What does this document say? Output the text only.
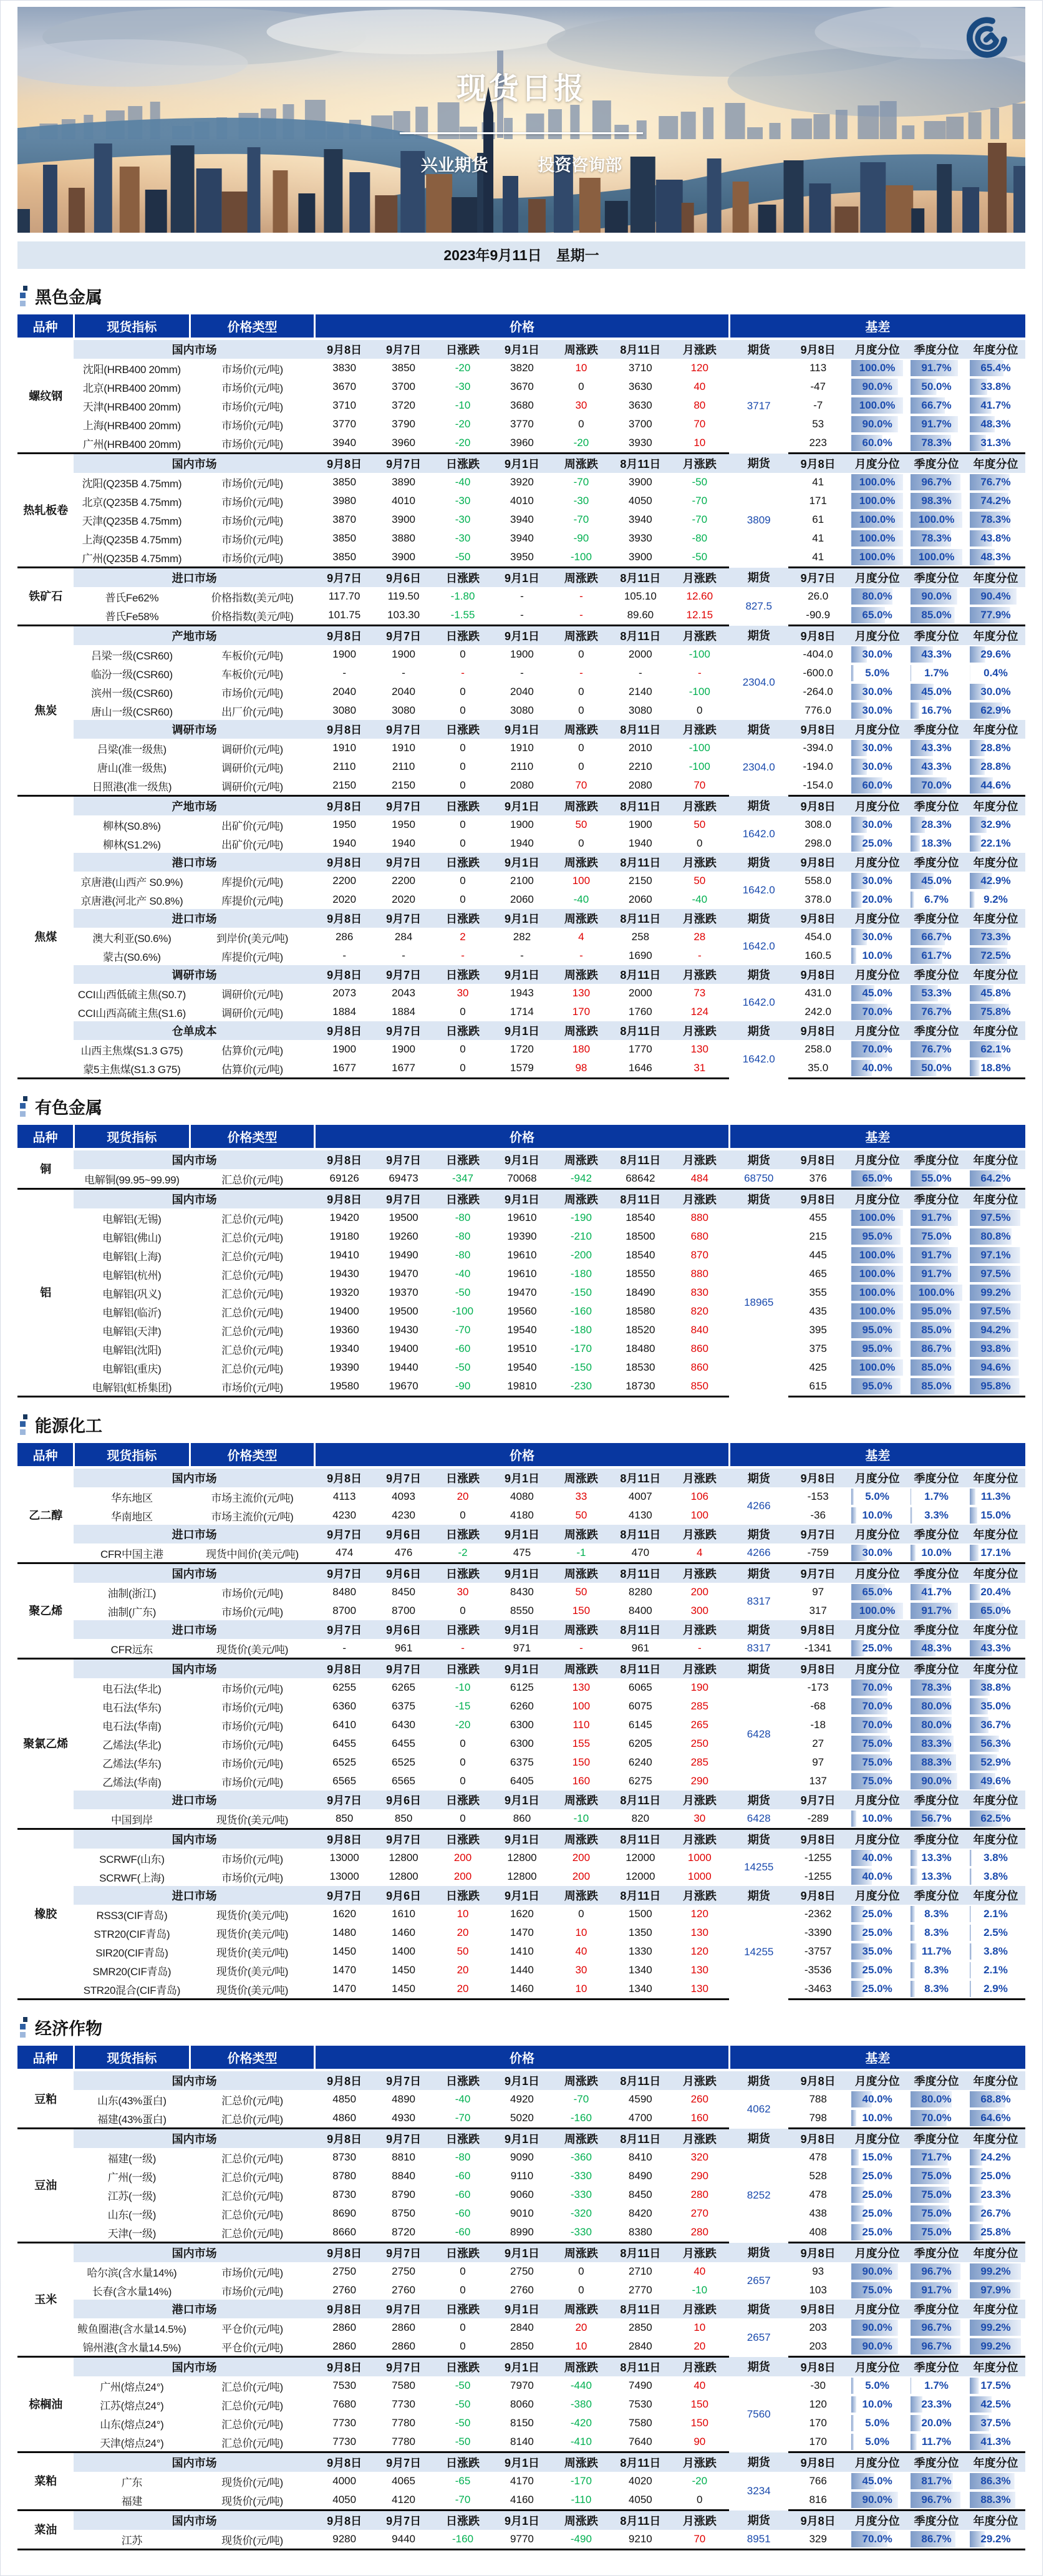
现货日报
兴业期货	投资咨询部
2023年9月11日　星期一
黑色金属
品种	现货指标	价格类型	价格							基差				
螺纹钢	国内市场		9月8日	9月7日	日涨跌	9月1日	周涨跌	8月11日	月涨跌	期货	9月8日	月度分位	季度分位	年度分位
	沈阳(HRB400 20mm)	市场价(元/吨)	3830	3850	-20	3820	10	3710	120	3717	113	100.0%	91.7%	65.4%

	北京(HRB400 20mm)	市场价(元/吨)	3670	3700	-30	3670	0	3630	40		-47	90.0%	50.0%	33.8%

	天津(HRB400 20mm)	市场价(元/吨)	3710	3720	-10	3680	30	3630	80		-7	100.0%	66.7%	41.7%

	上海(HRB400 20mm)	市场价(元/吨)	3770	3790	-20	3770	0	3700	70		53	90.0%	91.7%	48.3%

	广州(HRB400 20mm)	市场价(元/吨)	3940	3960	-20	3960	-20	3930	10		223	60.0%	78.3%	31.3%

热轧板卷	国内市场		9月8日	9月7日	日涨跌	9月1日	周涨跌	8月11日	月涨跌	期货	9月8日	月度分位	季度分位	年度分位
	沈阳(Q235B 4.75mm)	市场价(元/吨)	3850	3890	-40	3920	-70	3900	-50	3809	41	100.0%	96.7%	76.7%

	北京(Q235B 4.75mm)	市场价(元/吨)	3980	4010	-30	4010	-30	4050	-70		171	100.0%	98.3%	74.2%

	天津(Q235B 4.75mm)	市场价(元/吨)	3870	3900	-30	3940	-70	3940	-70		61	100.0%	100.0%	78.3%

	上海(Q235B 4.75mm)	市场价(元/吨)	3850	3880	-30	3940	-90	3930	-80		41	100.0%	78.3%	43.8%

	广州(Q235B 4.75mm)	市场价(元/吨)	3850	3900	-50	3950	-100	3900	-50		41	100.0%	100.0%	48.3%

铁矿石	进口市场		9月7日	9月6日	日涨跌	9月1日	周涨跌	8月11日	月涨跌	期货	9月7日	月度分位	季度分位	年度分位
	普氏Fe62%	价格指数(美元/吨)	117.70	119.50	-1.80	-	-	105.10	12.60	827.5	26.0	80.0%	90.0%	90.4%

	普氏Fe58%	价格指数(美元/吨)	101.75	103.30	-1.55	-	-	89.60	12.15		-90.9	65.0%	85.0%	77.9%

焦炭	产地市场		9月8日	9月7日	日涨跌	9月1日	周涨跌	8月11日	月涨跌	期货	9月8日	月度分位	季度分位	年度分位
	吕梁一级(CSR60)	车板价(元/吨)	1900	1900	0	1900	0	2000	-100	2304.0	-404.0	30.0%	43.3%	29.6%

	临汾一级(CSR60)	车板价(元/吨)	-	-	-	-	-	-	-		-600.0	5.0%	1.7%	0.4%

	滨州一级(CSR60)	市场价(元/吨)	2040	2040	0	2040	0	2140	-100		-264.0	30.0%	45.0%	30.0%

	唐山一级(CSR60)	出厂价(元/吨)	3080	3080	0	3080	0	3080	0		776.0	30.0%	16.7%	62.9%

	调研市场		9月8日	9月7日	日涨跌	9月1日	周涨跌	8月11日	月涨跌	期货	9月8日	月度分位	季度分位	年度分位
	吕梁(准一级焦)	调研价(元/吨)	1910	1910	0	1910	0	2010	-100	2304.0	-394.0	30.0%	43.3%	28.8%

	唐山(准一级焦)	调研价(元/吨)	2110	2110	0	2110	0	2210	-100		-194.0	30.0%	43.3%	28.8%

	日照港(准一级焦)	调研价(元/吨)	2150	2150	0	2080	70	2080	70		-154.0	60.0%	70.0%	44.6%

焦煤	产地市场		9月8日	9月7日	日涨跌	9月1日	周涨跌	8月11日	月涨跌	期货	9月8日	月度分位	季度分位	年度分位
	柳林(S0.8%)	出矿价(元/吨)	1950	1950	0	1900	50	1900	50	1642.0	308.0	30.0%	28.3%	32.9%

	柳林(S1.2%)	出矿价(元/吨)	1940	1940	0	1940	0	1940	0		298.0	25.0%	18.3%	22.1%

	港口市场		9月8日	9月7日	日涨跌	9月1日	周涨跌	8月11日	月涨跌	期货	9月8日	月度分位	季度分位	年度分位
	京唐港(山西产 S0.9%)	库提价(元/吨)	2200	2200	0	2100	100	2150	50	1642.0	558.0	30.0%	45.0%	42.9%

	京唐港(河北产 S0.8%)	库提价(元/吨)	2020	2020	0	2060	-40	2060	-40		378.0	20.0%	6.7%	9.2%

	进口市场		9月8日	9月7日	日涨跌	9月1日	周涨跌	8月11日	月涨跌	期货	9月8日	月度分位	季度分位	年度分位
	澳大利亚(S0.6%)	到岸价(美元/吨)	286	284	2	282	4	258	28	1642.0	454.0	30.0%	66.7%	73.3%

	蒙古(S0.6%)	库提价(元/吨)	-	-	-	-	-	1690	-		160.5	10.0%	61.7%	72.5%

	调研市场		9月8日	9月7日	日涨跌	9月1日	周涨跌	8月11日	月涨跌	期货	9月8日	月度分位	季度分位	年度分位
	CCI山西低硫主焦(S0.7)	调研价(元/吨)	2073	2043	30	1943	130	2000	73	1642.0	431.0	45.0%	53.3%	45.8%

	CCI山西高硫主焦(S1.6)	调研价(元/吨)	1884	1884	0	1714	170	1760	124		242.0	70.0%	76.7%	75.8%

	仓单成本		9月8日	9月7日	日涨跌	9月1日	周涨跌	8月11日	月涨跌	期货	9月8日	月度分位	季度分位	年度分位
	山西主焦煤(S1.3 G75)	估算价(元/吨)	1900	1900	0	1720	180	1770	130	1642.0	258.0	70.0%	76.7%	62.1%

	蒙5主焦煤(S1.3 G75)	估算价(元/吨)	1677	1677	0	1579	98	1646	31		35.0	40.0%	50.0%	18.8%
有色金属
品种	现货指标	价格类型	价格							基差				
铜	国内市场		9月8日	9月7日	日涨跌	9月1日	周涨跌	8月11日	月涨跌	期货	9月8日	月度分位	季度分位	年度分位
	电解铜(99.95~99.99)	汇总价(元/吨)	69126	69473	-347	70068	-942	68642	484	68750	376	65.0%	55.0%	64.2%

铝	国内市场		9月8日	9月7日	日涨跌	9月1日	周涨跌	8月11日	月涨跌	期货	9月8日	月度分位	季度分位	年度分位
	电解铝(无锡)	汇总价(元/吨)	19420	19500	-80	19610	-190	18540	880	18965	455	100.0%	91.7%	97.5%

	电解铝(佛山)	汇总价(元/吨)	19180	19260	-80	19390	-210	18500	680		215	95.0%	75.0%	80.8%

	电解铝(上海)	汇总价(元/吨)	19410	19490	-80	19610	-200	18540	870		445	100.0%	91.7%	97.1%

	电解铝(杭州)	汇总价(元/吨)	19430	19470	-40	19610	-180	18550	880		465	100.0%	91.7%	97.5%

	电解铝(巩义)	汇总价(元/吨)	19320	19370	-50	19470	-150	18490	830		355	100.0%	100.0%	99.2%

	电解铝(临沂)	汇总价(元/吨)	19400	19500	-100	19560	-160	18580	820		435	100.0%	95.0%	97.5%

	电解铝(天津)	汇总价(元/吨)	19360	19430	-70	19540	-180	18520	840		395	95.0%	85.0%	94.2%

	电解铝(沈阳)	汇总价(元/吨)	19340	19400	-60	19510	-170	18480	860		375	95.0%	86.7%	93.8%

	电解铝(重庆)	汇总价(元/吨)	19390	19440	-50	19540	-150	18530	860		425	100.0%	85.0%	94.6%

	电解铝(虹桥集团)	市场价(元/吨)	19580	19670	-90	19810	-230	18730	850		615	95.0%	85.0%	95.8%
能源化工
品种	现货指标	价格类型	价格							基差				
乙二醇	国内市场		9月8日	9月7日	日涨跌	9月1日	周涨跌	8月11日	月涨跌	期货	9月8日	月度分位	季度分位	年度分位
	华东地区	市场主流价(元/吨)	4113	4093	20	4080	33	4007	106	4266	-153	5.0%	1.7%	11.3%

	华南地区	市场主流价(元/吨)	4230	4230	0	4180	50	4130	100		-36	10.0%	3.3%	15.0%

	进口市场		9月7日	9月6日	日涨跌	9月1日	周涨跌	8月11日	月涨跌	期货	9月7日	月度分位	季度分位	年度分位
	CFR中国主港	现货中间价(美元/吨)	474	476	-2	475	-1	470	4	4266	-759	30.0%	10.0%	17.1%

聚乙烯	国内市场		9月7日	9月6日	日涨跌	9月1日	周涨跌	8月11日	月涨跌	期货	9月7日	月度分位	季度分位	年度分位
	油制(浙江)	市场价(元/吨)	8480	8450	30	8430	50	8280	200	8317	97	65.0%	41.7%	20.4%

	油制(广东)	市场价(元/吨)	8700	8700	0	8550	150	8400	300		317	100.0%	91.7%	65.0%

	进口市场		9月7日	9月6日	日涨跌	9月1日	周涨跌	8月11日	月涨跌	期货	9月8日	月度分位	季度分位	年度分位
	CFR远东	现货价(美元/吨)	-	961	-	971	-	961	-	8317	-1341	25.0%	48.3%	43.3%

聚氯乙烯	国内市场		9月8日	9月7日	日涨跌	9月1日	周涨跌	8月11日	月涨跌	期货	9月8日	月度分位	季度分位	年度分位
	电石法(华北)	市场价(元/吨)	6255	6265	-10	6125	130	6065	190	6428	-173	70.0%	78.3%	38.8%

	电石法(华东)	市场价(元/吨)	6360	6375	-15	6260	100	6075	285		-68	70.0%	80.0%	35.0%

	电石法(华南)	市场价(元/吨)	6410	6430	-20	6300	110	6145	265		-18	70.0%	80.0%	36.7%

	乙烯法(华北)	市场价(元/吨)	6455	6455	0	6300	155	6205	250		27	75.0%	83.3%	56.3%

	乙烯法(华东)	市场价(元/吨)	6525	6525	0	6375	150	6240	285		97	75.0%	88.3%	52.9%

	乙烯法(华南)	市场价(元/吨)	6565	6565	0	6405	160	6275	290		137	75.0%	90.0%	49.6%

	进口市场		9月7日	9月6日	日涨跌	9月1日	周涨跌	8月11日	月涨跌	期货	9月7日	月度分位	季度分位	年度分位
	中国到岸	现货价(美元/吨)	850	850	0	860	-10	820	30	6428	-289	10.0%	56.7%	62.5%

橡胶	国内市场		9月8日	9月7日	日涨跌	9月1日	周涨跌	8月11日	月涨跌	期货	9月8日	月度分位	季度分位	年度分位
	SCRWF(山东)	市场价(元/吨)	13000	12800	200	12800	200	12000	1000	14255	-1255	40.0%	13.3%	3.8%

	SCRWF(上海)	市场价(元/吨)	13000	12800	200	12800	200	12000	1000		-1255	40.0%	13.3%	3.8%

	进口市场		9月7日	9月6日	日涨跌	9月1日	周涨跌	8月11日	月涨跌	期货	9月8日	月度分位	季度分位	年度分位
	RSS3(CIF青岛)	现货价(美元/吨)	1620	1610	10	1620	0	1500	120	14255	-2362	25.0%	8.3%	2.1%

	STR20(CIF青岛)	现货价(美元/吨)	1480	1460	20	1470	10	1350	130		-3390	25.0%	8.3%	2.5%

	SIR20(CIF青岛)	现货价(美元/吨)	1450	1400	50	1410	40	1330	120		-3757	35.0%	11.7%	3.8%

	SMR20(CIF青岛)	现货价(美元/吨)	1470	1450	20	1440	30	1340	130		-3536	25.0%	8.3%	2.1%

	STR20混合(CIF青岛)	现货价(美元/吨)	1470	1450	20	1460	10	1340	130		-3463	25.0%	8.3%	2.9%
经济作物
品种	现货指标	价格类型	价格							基差				
豆粕	国内市场		9月8日	9月7日	日涨跌	9月1日	周涨跌	8月11日	月涨跌	期货	9月8日	月度分位	季度分位	年度分位
	山东(43%蛋白)	汇总价(元/吨)	4850	4890	-40	4920	-70	4590	260	4062	788	40.0%	80.0%	68.8%

	福建(43%蛋白)	汇总价(元/吨)	4860	4930	-70	5020	-160	4700	160		798	10.0%	70.0%	64.6%

豆油	国内市场		9月8日	9月7日	日涨跌	9月1日	周涨跌	8月11日	月涨跌	期货	9月8日	月度分位	季度分位	年度分位
	福建(一级)	汇总价(元/吨)	8730	8810	-80	9090	-360	8410	320	8252	478	15.0%	71.7%	24.2%

	广州(一级)	汇总价(元/吨)	8780	8840	-60	9110	-330	8490	290		528	25.0%	75.0%	25.0%

	江苏(一级)	汇总价(元/吨)	8730	8790	-60	9060	-330	8450	280		478	25.0%	75.0%	23.3%

	山东(一级)	汇总价(元/吨)	8690	8750	-60	9010	-320	8420	270		438	25.0%	75.0%	26.7%

	天津(一级)	汇总价(元/吨)	8660	8720	-60	8990	-330	8380	280		408	25.0%	75.0%	25.8%

玉米	国内市场		9月8日	9月7日	日涨跌	9月1日	周涨跌	8月11日	月涨跌	期货	9月8日	月度分位	季度分位	年度分位
	哈尔滨(含水量14%)	市场价(元/吨)	2750	2750	0	2750	0	2710	40	2657	93	90.0%	96.7%	99.2%

	长春(含水量14%)	市场价(元/吨)	2760	2760	0	2760	0	2770	-10		103	75.0%	91.7%	97.9%

	港口市场		9月8日	9月7日	日涨跌	9月1日	周涨跌	8月11日	月涨跌	期货	9月8日	月度分位	季度分位	年度分位
	鲅鱼圈港(含水量14.5%)	平仓价(元/吨)	2860	2860	0	2840	20	2850	10	2657	203	90.0%	96.7%	99.2%

	锦州港(含水量14.5%)	平仓价(元/吨)	2860	2860	0	2850	10	2840	20		203	90.0%	96.7%	99.2%

棕榈油	国内市场		9月8日	9月7日	日涨跌	9月1日	周涨跌	8月11日	月涨跌	期货	9月8日	月度分位	季度分位	年度分位
	广州(熔点24°)	汇总价(元/吨)	7530	7580	-50	7970	-440	7490	40	7560	-30	5.0%	1.7%	17.5%

	江苏(熔点24°)	汇总价(元/吨)	7680	7730	-50	8060	-380	7530	150		120	10.0%	23.3%	42.5%

	山东(熔点24°)	汇总价(元/吨)	7730	7780	-50	8150	-420	7580	150		170	5.0%	20.0%	37.5%

	天津(熔点24°)	汇总价(元/吨)	7730	7780	-50	8140	-410	7640	90		170	5.0%	11.7%	41.3%

菜粕	国内市场		9月8日	9月7日	日涨跌	9月1日	周涨跌	8月11日	月涨跌	期货	9月8日	月度分位	季度分位	年度分位
	广东	现货价(元/吨)	4000	4065	-65	4170	-170	4020	-20	3234	766	45.0%	81.7%	86.3%

	福建	现货价(元/吨)	4050	4120	-70	4160	-110	4050	0		816	90.0%	96.7%	88.3%

菜油	国内市场		9月8日	9月7日	日涨跌	9月1日	周涨跌	8月11日	月涨跌	期货	9月8日	月度分位	季度分位	年度分位
	江苏	现货价(元/吨)	9280	9440	-160	9770	-490	9210	70	8951	329	70.0%	86.7%	29.2%
